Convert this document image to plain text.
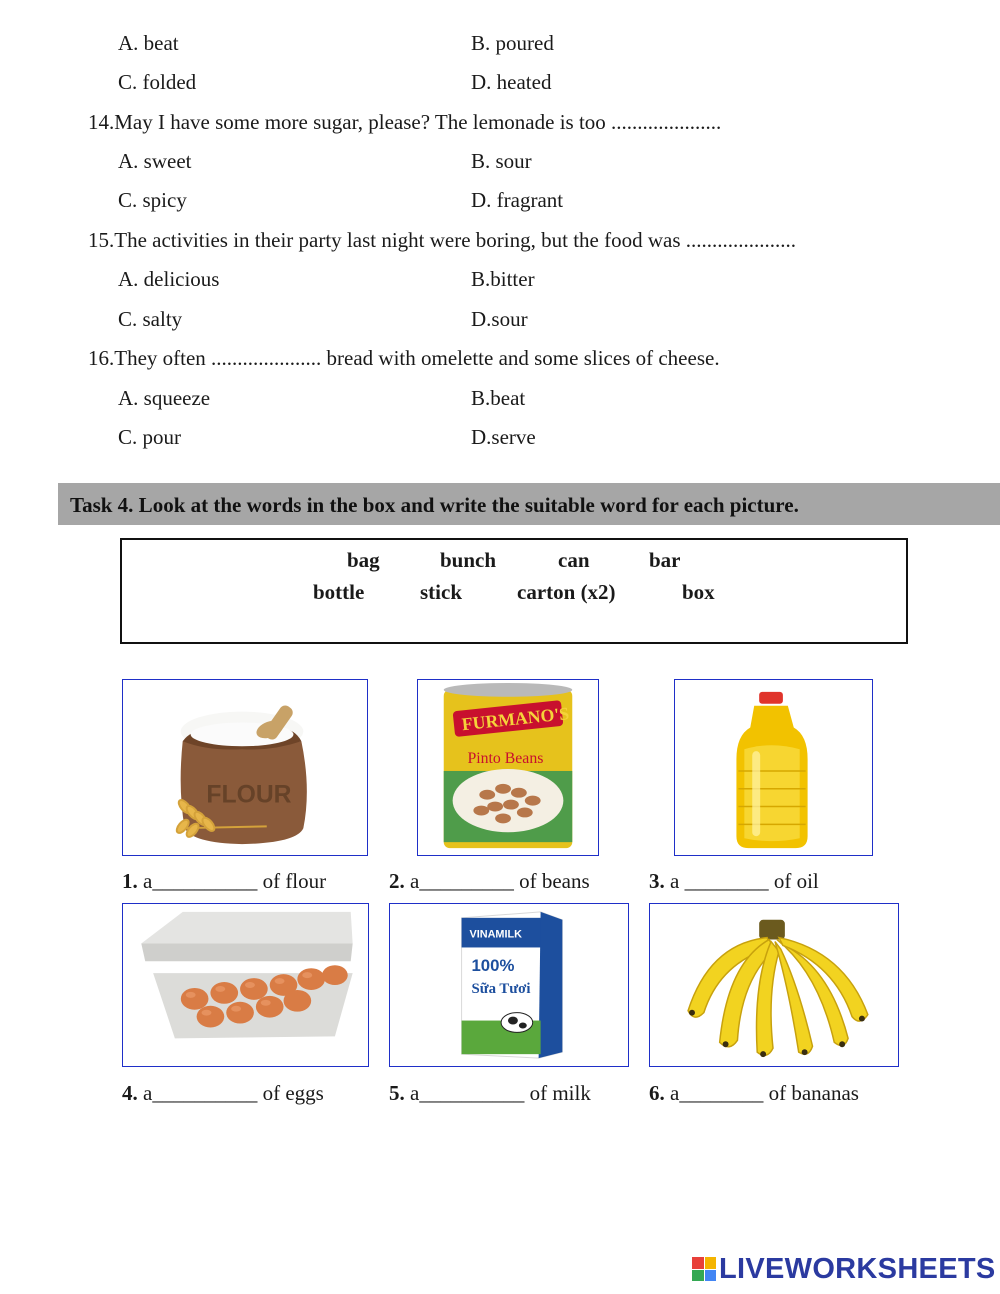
A. beat	B. poured
C. folded	D. heated
14.May I have some more sugar, please? The lemonade is too .....................
A. sweet	B. sour
C. spicy	D. fragrant
15.The activities in their party last night were boring, but the food was .....................
A. delicious	B.bitter
C. salty	D.sour
16.They often ..................... bread with omelette and some slices of cheese.
A. squeeze	B.beat
C. pour	D.serve
Task 4. Look at the words in the box and write the suitable word for each picture.
bag	bunch	can	bar
bottle	stick	carton (x2)	box
FLOUR
FURMANO'S
Pinto Beans
1. a__________ of flour	2. a_________ of beans	3. a ________ of oil
VINAMILK
100%
Sữa Tươi
4. a__________ of eggs	5. a__________ of milk	6. a________ of bananas
LIVEWORKSHEETS
